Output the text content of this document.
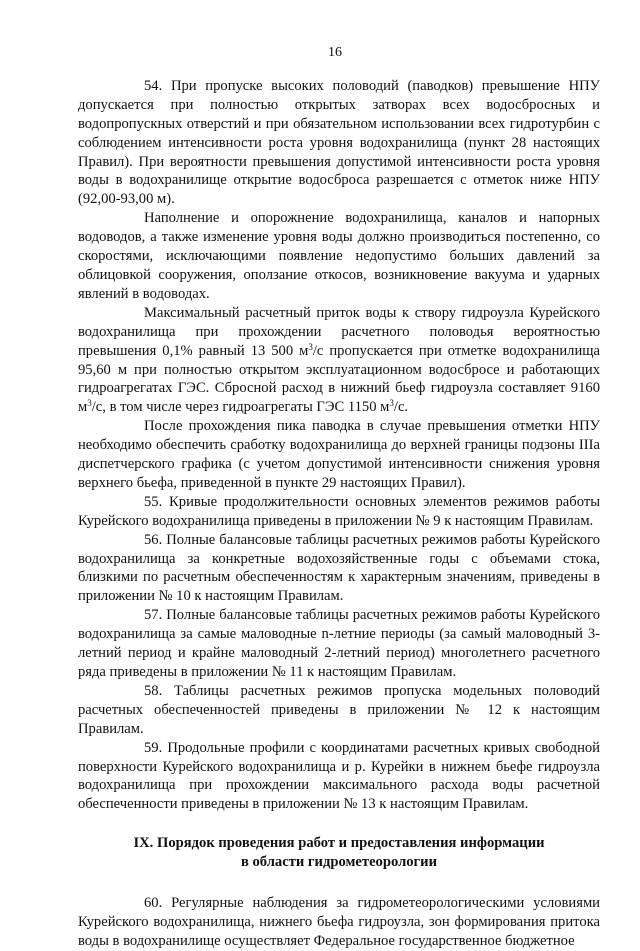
16

54. При пропуске высоких половодий (паводков) превышение НПУ допускается при полностью открытых затворах всех водосбросных и водопропускных отверстий и при обязательном использовании всех гидротурбин с соблюдением интенсивности роста уровня водохранилища (пункт 28 настоящих Правил). При вероятности превышения допустимой интенсивности роста уровня воды в водохранилище открытие водосброса разрешается с отметок ниже НПУ (92,00-93,00 м).

Наполнение и опорожнение водохранилища, каналов и напорных водоводов, а также изменение уровня воды должно производиться постепенно, со скоростями, исключающими появление недопустимо больших давлений за облицовкой сооружения, оползание откосов, возникновение вакуума и ударных явлений в водоводах.

Максимальный расчетный приток воды к створу гидроузла Курейского водохранилища при прохождении расчетного половодья вероятностью превышения 0,1% равный 13 500 $м^3/с$ пропускается при отметке водохранилища 95,60 м при полностью открытом эксплуатационном водосбросе и работающих гидроагрегатах ГЭС. Сбросной расход в нижний бьеф гидроузла составляет 9160 $м^3/с$, в том числе через гидроагрегаты ГЭС 1150 $м^3/с$.

После прохождения пика паводка в случае превышения отметки НПУ необходимо обеспечить сработку водохранилища до верхней границы подзоны IIIа диспетчерского графика (с учетом допустимой интенсивности снижения уровня верхнего бьефа, приведенной в пункте 29 настоящих Правил).

55. Кривые продолжительности основных элементов режимов работы Курейского водохранилища приведены в приложении № 9 к настоящим Правилам.

56. Полные балансовые таблицы расчетных режимов работы Курейского водохранилища за конкретные водохозяйственные годы с объемами стока, близкими по расчетным обеспеченностям к характерным значениям, приведены в приложении № 10 к настоящим Правилам.

57. Полные балансовые таблицы расчетных режимов работы Курейского водохранилища за самые маловодные n-летние периоды (за самый маловодный 3-летний период и крайне маловодный 2-летний период) многолетнего расчетного ряда приведены в приложении № 11 к настоящим Правилам.

58. Таблицы расчетных режимов пропуска модельных половодий расчетных обеспеченностей приведены в приложении № 12 к настоящим Правилам.

59. Продольные профили с координатами расчетных кривых свободной поверхности Курейского водохранилища и р. Курейки в нижнем бьефе гидроузла водохранилища при прохождении максимального расхода воды расчетной обеспеченности приведены в приложении № 13 к настоящим Правилам.

IX. Порядок проведения работ и предоставления информации
в области гидрометеорологии

60. Регулярные наблюдения за гидрометеорологическими условиями Курейского водохранилища, нижнего бьефа гидроузла, зон формирования притока воды в водохранилище осуществляет Федеральное государственное бюджетное
